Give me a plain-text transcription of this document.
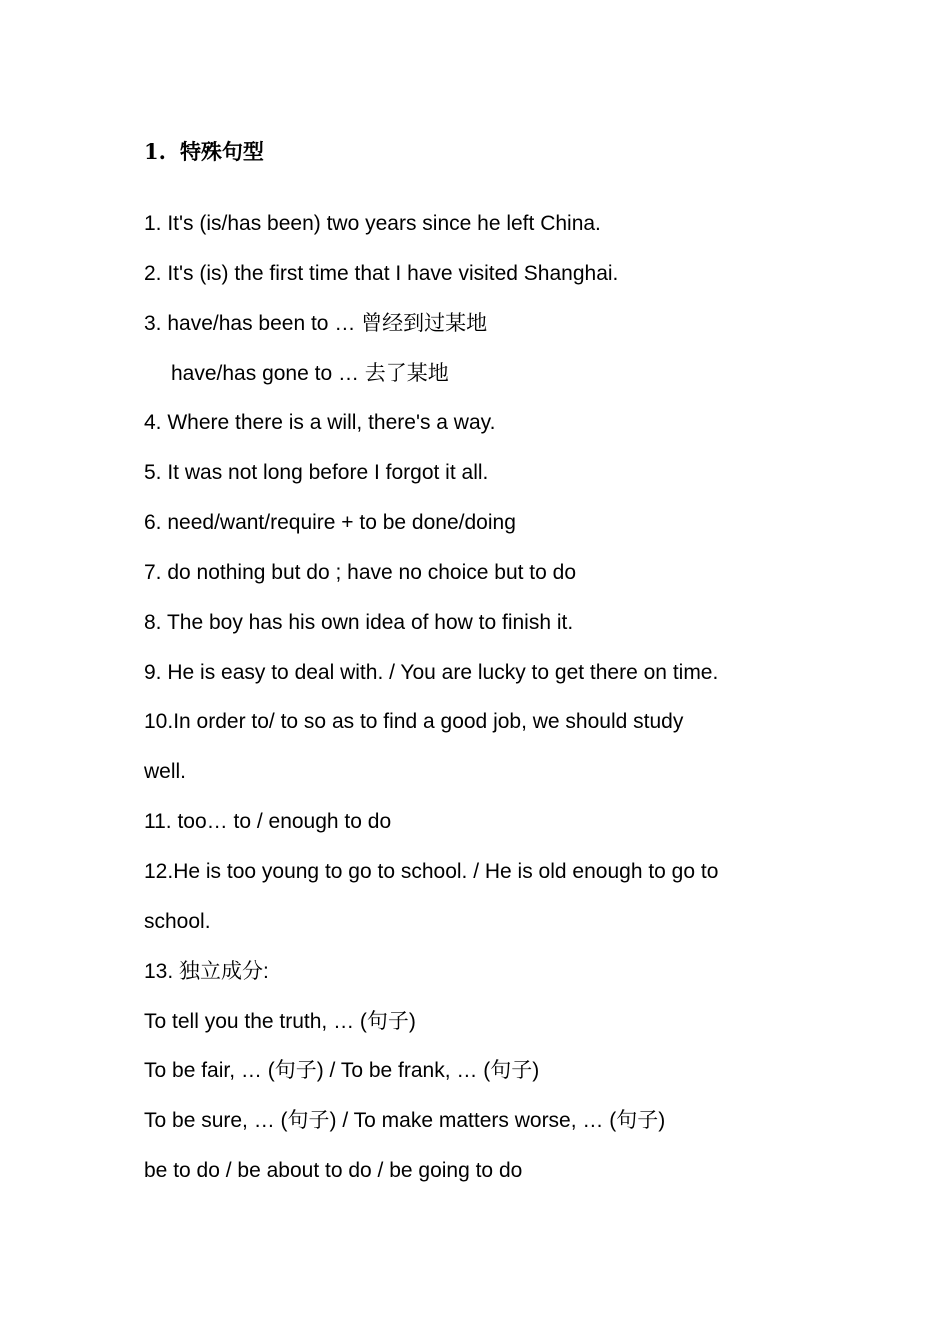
1. 特殊句型
1. It's (is/has been) two years since he left China.
2. It's (is) the first time that I have visited Shanghai.
3. have/has been to … 曾经到过某地
have/has gone to … 去了某地
4. Where there is a will, there's a way.
5. It was not long before I forgot it all.
6. need/want/require + to be done/doing
7. do nothing but do ; have no choice but to do
8. The boy has his own idea of how to finish it.
9. He is easy to deal with. / You are lucky to get there on time.
10.In order to/ to so as to find a good job, we should study
well.
11. too… to / enough to do
12.He is too young to go to school. / He is old enough to go to
school.
13. 独立成分:
To tell you the truth, … (句子)
To be fair, … (句子) / To be frank, … (句子)
To be sure, … (句子) / To make matters worse, … (句子)
be to do / be about to do / be going to do
